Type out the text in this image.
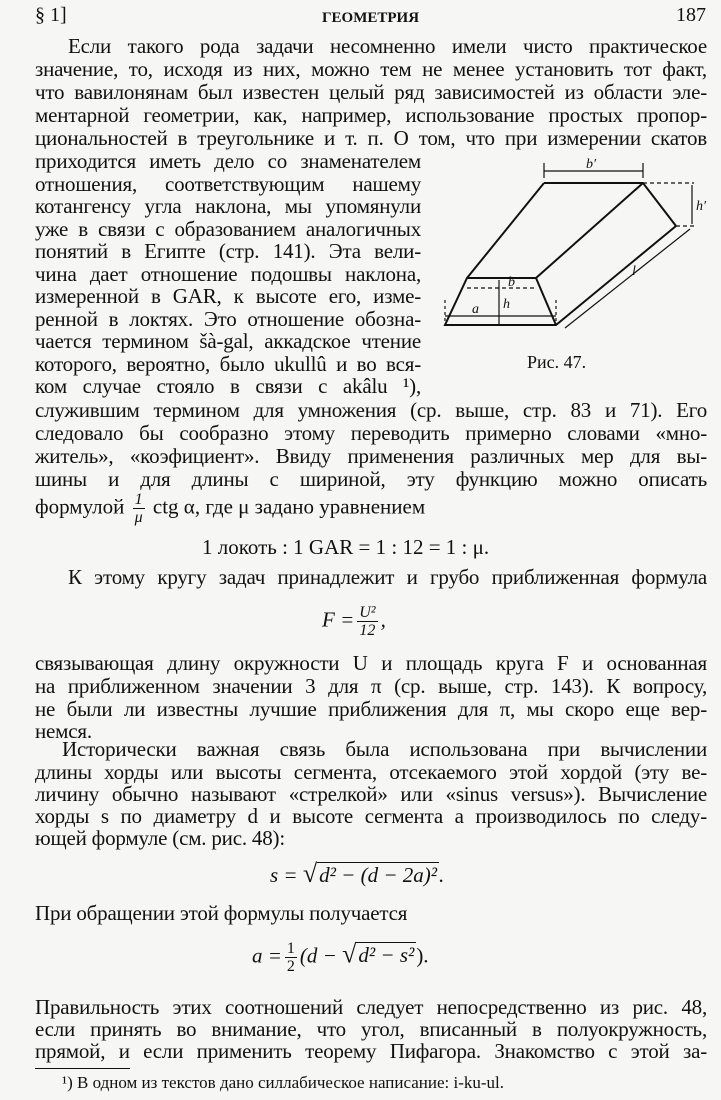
§ 1]	ГЕОМЕТРИЯ	187
Если такого рода задачи несомненно имели чисто практическое
значение, то, исходя из них, можно тем не менее установить тот факт,
что вавилонянам был известен целый ряд зависимостей из области эле-
ментарной геометрии, как, например, использование простых пропор-
циональностей в треугольнике и т. п. О том, что при измерении скатов
приходится иметь дело со знаменателем
отношения, соответствующим нашему
котангенсу угла наклона, мы упомянули
уже в связи с образованием аналогичных
понятий в Египте (стр. 141). Эта вели-
чина дает отношение подошвы наклона,
измеренной в GAR, к высоте его, изме-
ренной в локтях. Это отношение обозна-
чается термином šà-gal, аккадское чтение
которого, вероятно, было ukullû и во вся-
ком случае стояло в связи с akâlu ¹),
служившим термином для умножения (ср. выше, стр. 83 и 71). Его
следовало бы сообразно этому переводить примерно словами «мно-
житель», «коэфициент». Ввиду применения различных мер для вы-
шины и для длины с шириной, эту функцию можно описать
К этому кругу задач принадлежит и грубо приближенная формула
связывающая длину окружности U и площадь круга F и основанная
на приближенном значении 3 для π (ср. выше, стр. 143). К вопросу,
не были ли известны лучшие приближения для π, мы скоро еще вер-
немся.
Исторически важная связь была использована при вычислении
длины хорды или высоты сегмента, отсекаемого этой хордой (эту ве-
личину обычно называют «стрелкой» или «sinus versus»). Вычисление
хорды s по диаметру d и высоте сегмента a производилось по следу-
ющей формуле (см. рис. 48):
При обращении этой формулы получается
Правильность этих соотношений следует непосредственно из рис. 48,
если принять во внимание, что угол, вписанный в полуокружность,
прямой, и если применить теорему Пифагора. Знакомство с этой за-
формулой $\frac{1}{\mu}$ ctg α, где μ задано уравнением
1 локоть : 1 GAR = 1 : 12 = 1 : μ.
$F = \frac{\text{U²}}{12}$ ,
s = √d² − (d − 2a)².
$a = \frac{1}{2} (d - √d^2 - s^2)$.
b′
h′
l
b
h
a
Рис. 47.
¹) В одном из текстов дано силлабическое написание: i-ku-ul.
